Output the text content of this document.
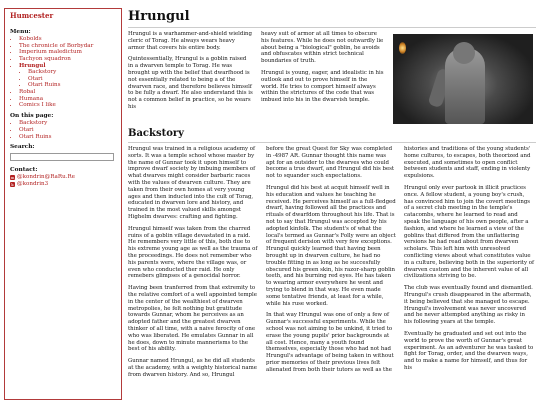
Humcester
Menu:
• Kobolds
• The chronicle of Borbydar
• Imperium maledictum
• Tachyon squadron
• Hrungul
• Backstory
• Otari
• Otari Ruins
• Robal
• Humana
• Comics I like
On this page:
• Backstory
• Otari
• Otari Ruins
Search:
Contact:
m @kondrin@RaRu.Re
k @kondrin3
Hrungul

Hrungul is a warhammer-and-shield wielding cleric of Torag. He always wears heavy armor that covers his entire body.

Quintessentially, Hrungul is a goblin raised in a dwarven temple to Torag. He was brought up with the belief that dwarfhood is not essentially related to being a of the dwarven race, and therefore believes himself to be fully a dwarf. He also understand this is not a common belief in practice, so he wears his

heavy suit of armor at all times to obscure his features. While he does not outwardly lie about being a "biological" goblin, he avoids and obfuscates within strict technical boundaries of truth.

Hrungul is young, eager, and idealistic in his outlook and out to prove himself in the world. He tries to comport himself always within the strictures of the code that was imbued into his in the dwarvish temple.

Backstory

Hrungul was trained in a religious academy of sorts. It was a temple school whose master by the name of Gunnar took it upon himself to improve dwarf society by imbuing members of what dwarves might consider barbaric races with the values of dwarven culture. They are taken from their own homes at very young ages and then inducted into the cult of Torag, educated in dwarven lore and history, and trained in the most valued skills amongst Highelm dwarves: crafting and fighting.

Hrungul himself was taken from the charred ruins of a goblin village devastated in a raid. He remembers very little of this, both due to his extreme young age as well as the trauma of the proceedings. He does not remember who his parents were, where the village was, or even who conducted ther raid. He only remebers glimpses of a genocidal horror.

Having been tranferred from that extremity to the relative comfort of a well appointed temple in the center of the wealthiest of dwarven metropolies, he felt nothing but gratitude towards Gunnar, whom he perceives as an adopted father and the greatest dwarven thinker of all time, with a naive ferocity of one who was liberated. He emulates Gunnar in all he does, down to minute mannerisms to the best of his ability.

Gunnar named Hrungul, as he did all students at the academy, with a weighty historical name from dwarven history. And so, Hrungul

before the great Quest for Sky was completed in -4987 AR. Gunnar thought this name was apt for an outsider to the dwarves who could become a true dwarf, and Hrungul did his best not to squander such expectations.

Hrungul did his best at acquit himself well in his education and values he teaching he received. He perceives himself as a full-fledged dwarf, having followed all the practices and rituals of dwarfdom throughout his life. That is not to say that Hrungul was accepted by his adopted kinfolk. The student's of what the local's termed as Gunnar's Folly were an object of frequent derision with very few exceptions. Hrungul quickly learned that having been brought up in dwarven culture, he had no trouble fitting in as long as he succesfully obscured his green skin, his razor-sharp goblin teeth, and his burning red eyes. He has taken to wearing armor everywhere he went and trying to blend in that way. He even made some tentative friends, at least for a while, while his ruse worked.

In that way Hrungul was one of only a few of Gunnar's successful experiments. While the school was not aiming to be unkind, it tried to erase the young pupils' prior backgrounds at all cost. Hence, many a youth found themselves, especially those who had not had Hrungul's advantage of being taken in without prior memories of their previous lives felt alienated from both their tutors as well as the

histories and traditions of the young students' home cultures, to escapes, both theorized and executed, and sometimes to open conflict between students and staff, ending in violenty expulsions.

Hrungul only ever partook in illicit practices once. A fellow student, a young boy's crush, has convinced him to join the covert meetings of a secret club meeting in the temple's catacombs, where he learned to read and speak the language of his own people, after a fashion, and where he learned a view of the goblins that differed from the unflattering versions he had read about from dwarven scholars. This left him with unresolved conflicting views about what constitutes value in a culture, believing both in the superiority of dwarven custom and the inherent value of all civilizations striving to be.

The club was eventually found and dismantled. Hrungul's crush disappeared in the aftermath, it being believed that she managed to escape. Hrungul's involvement was never uncovered and he never attempted anything as risky in his following years at the temple.

Eventually he graduated and set out into the world to prove the worth of Gunnar's great experiment. As an adventurer he was tasked to fight for Torag, order, and the dwarven ways, and to make a name for himself, and thus for his
